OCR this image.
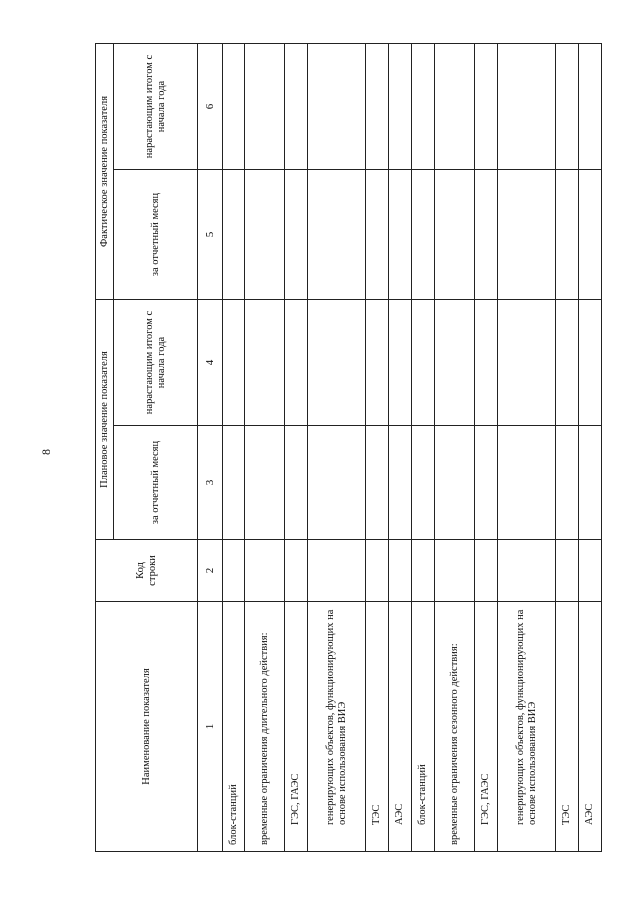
8
Наименование показателя	Код строки	Плановое значение показателя		Фактическое значение показателя	
		за отчетный месяц	нарастающим итогом с начала года	за отчетный месяц	нарастающим итогом с начала года
1	2	3	4	5	6
блок-станций					
временные ограничения длительного действия:					
ГЭС, ГАЭС					
генерирующих объектов, функционирующих на основе использования ВИЭ					
ТЭС					
АЭС					
блок-станций					
временные ограничения сезонного действия:					
ГЭС, ГАЭС					
генерирующих объектов, функционирующих на основе использования ВИЭ					
ТЭС					
АЭС					
